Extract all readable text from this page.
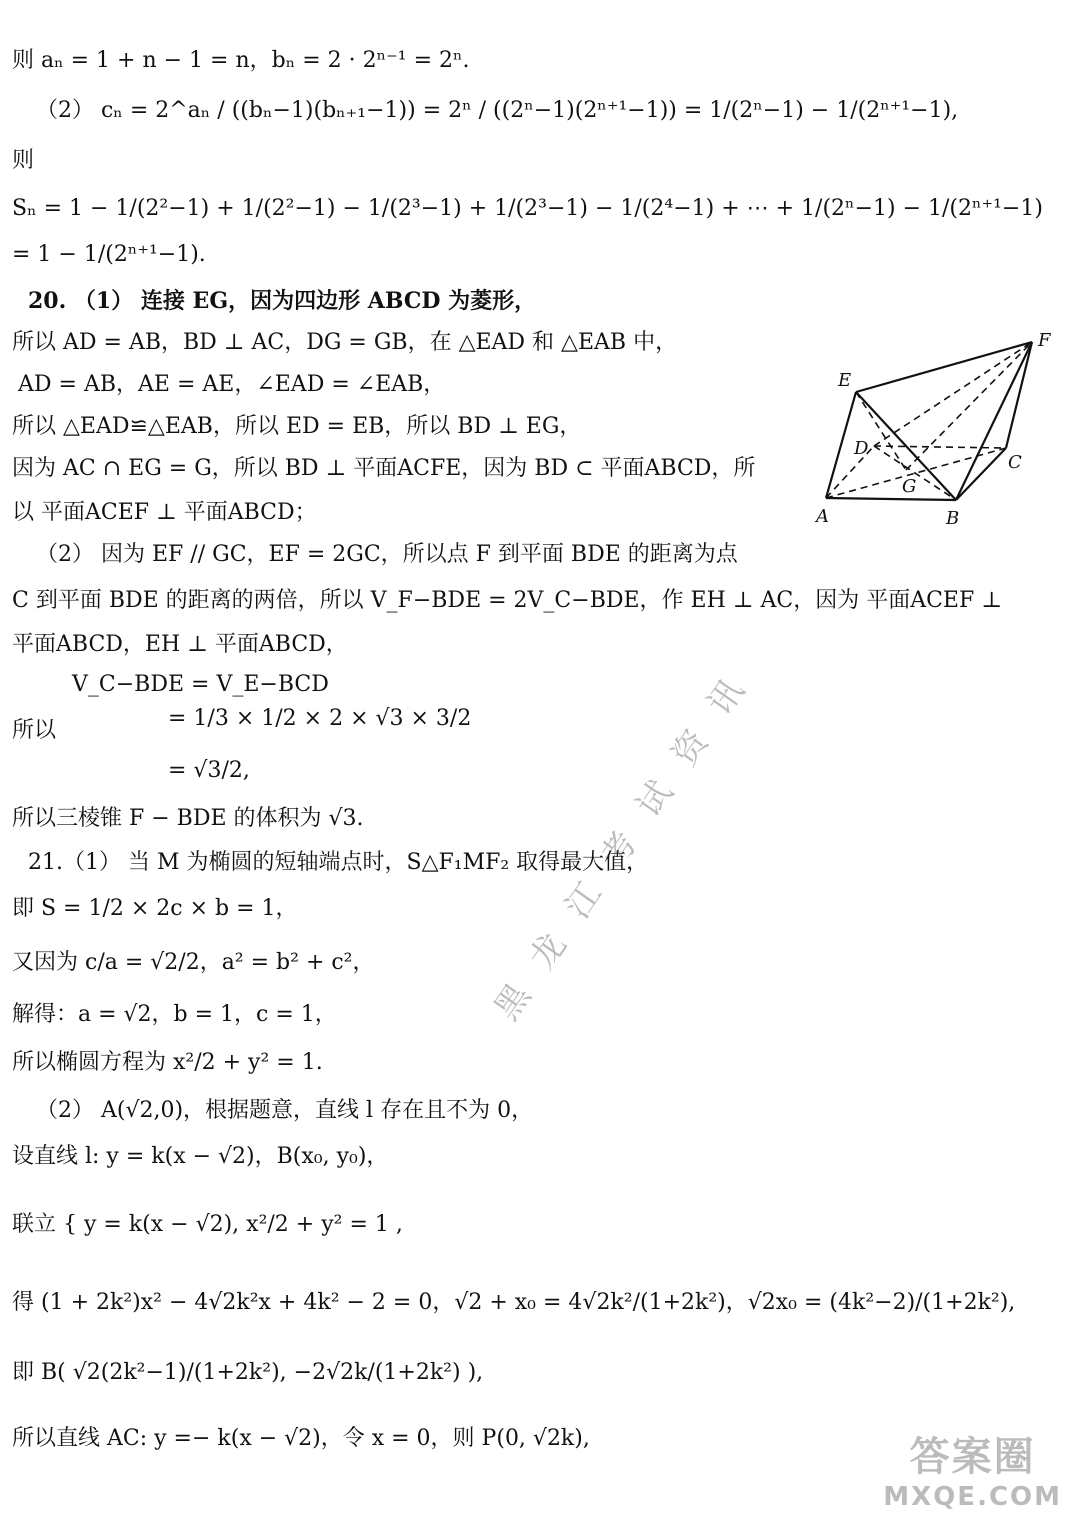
则 aₙ = 1 + n − 1 = n，bₙ = 2 · 2ⁿ⁻¹ = 2ⁿ.
（2） cₙ = 2^aₙ / ((bₙ−1)(bₙ₊₁−1)) = 2ⁿ / ((2ⁿ−1)(2ⁿ⁺¹−1)) = 1/(2ⁿ−1) − 1/(2ⁿ⁺¹−1),
则
Sₙ = 1 − 1/(2²−1) + 1/(2²−1) − 1/(2³−1) + 1/(2³−1) − 1/(2⁴−1) + ⋯ + 1/(2ⁿ−1) − 1/(2ⁿ⁺¹−1)
= 1 − 1/(2ⁿ⁺¹−1).
20. （1） 连接 EG，因为四边形 ABCD 为菱形，
所以 AD = AB，BD ⊥ AC，DG = GB，在 △EAD 和 △EAB 中，
AD = AB，AE = AE，∠EAD = ∠EAB，
所以 △EAD≌△EAB，所以 ED = EB，所以 BD ⊥ EG，
因为 AC ∩ EG = G，所以 BD ⊥ 平面ACFE，因为 BD ⊂ 平面ABCD，所
以 平面ACEF ⊥ 平面ABCD；
（2） 因为 EF // GC，EF = 2GC，所以点 F 到平面 BDE 的距离为点
C 到平面 BDE 的距离的两倍，所以 V_F−BDE = 2V_C−BDE，作 EH ⊥ AC，因为 平面ACEF ⊥
平面ABCD，EH ⊥ 平面ABCD，
V_C−BDE = V_E−BCD
所以	= 1/3 × 1/2 × 2 × √3 × 3/2
= √3/2,
所以三棱锥 F − BDE 的体积为 √3.
21.（1） 当 M 为椭圆的短轴端点时，S△F₁MF₂ 取得最大值，
即 S = 1/2 × 2c × b = 1，
又因为 c/a = √2/2，a² = b² + c²，
解得：a = √2，b = 1，c = 1，
所以椭圆方程为 x²/2 + y² = 1.
（2） A(√2,0)，根据题意，直线 l 存在且不为 0，
设直线 l: y = k(x − √2)，B(x₀, y₀)，
联立 { y = k(x − √2), x²/2 + y² = 1 ,
得 (1 + 2k²)x² − 4√2k²x + 4k² − 2 = 0，√2 + x₀ = 4√2k²/(1+2k²)，√2x₀ = (4k²−2)/(1+2k²),
即 B( √2(2k²−1)/(1+2k²), −2√2k/(1+2k²) ),
所以直线 AC: y =− k(x − √2)，令 x = 0，则 P(0, √2k),
F
E
D
C
G
A	B
黑龙江考试资讯
答案圈
MXQE.COM
